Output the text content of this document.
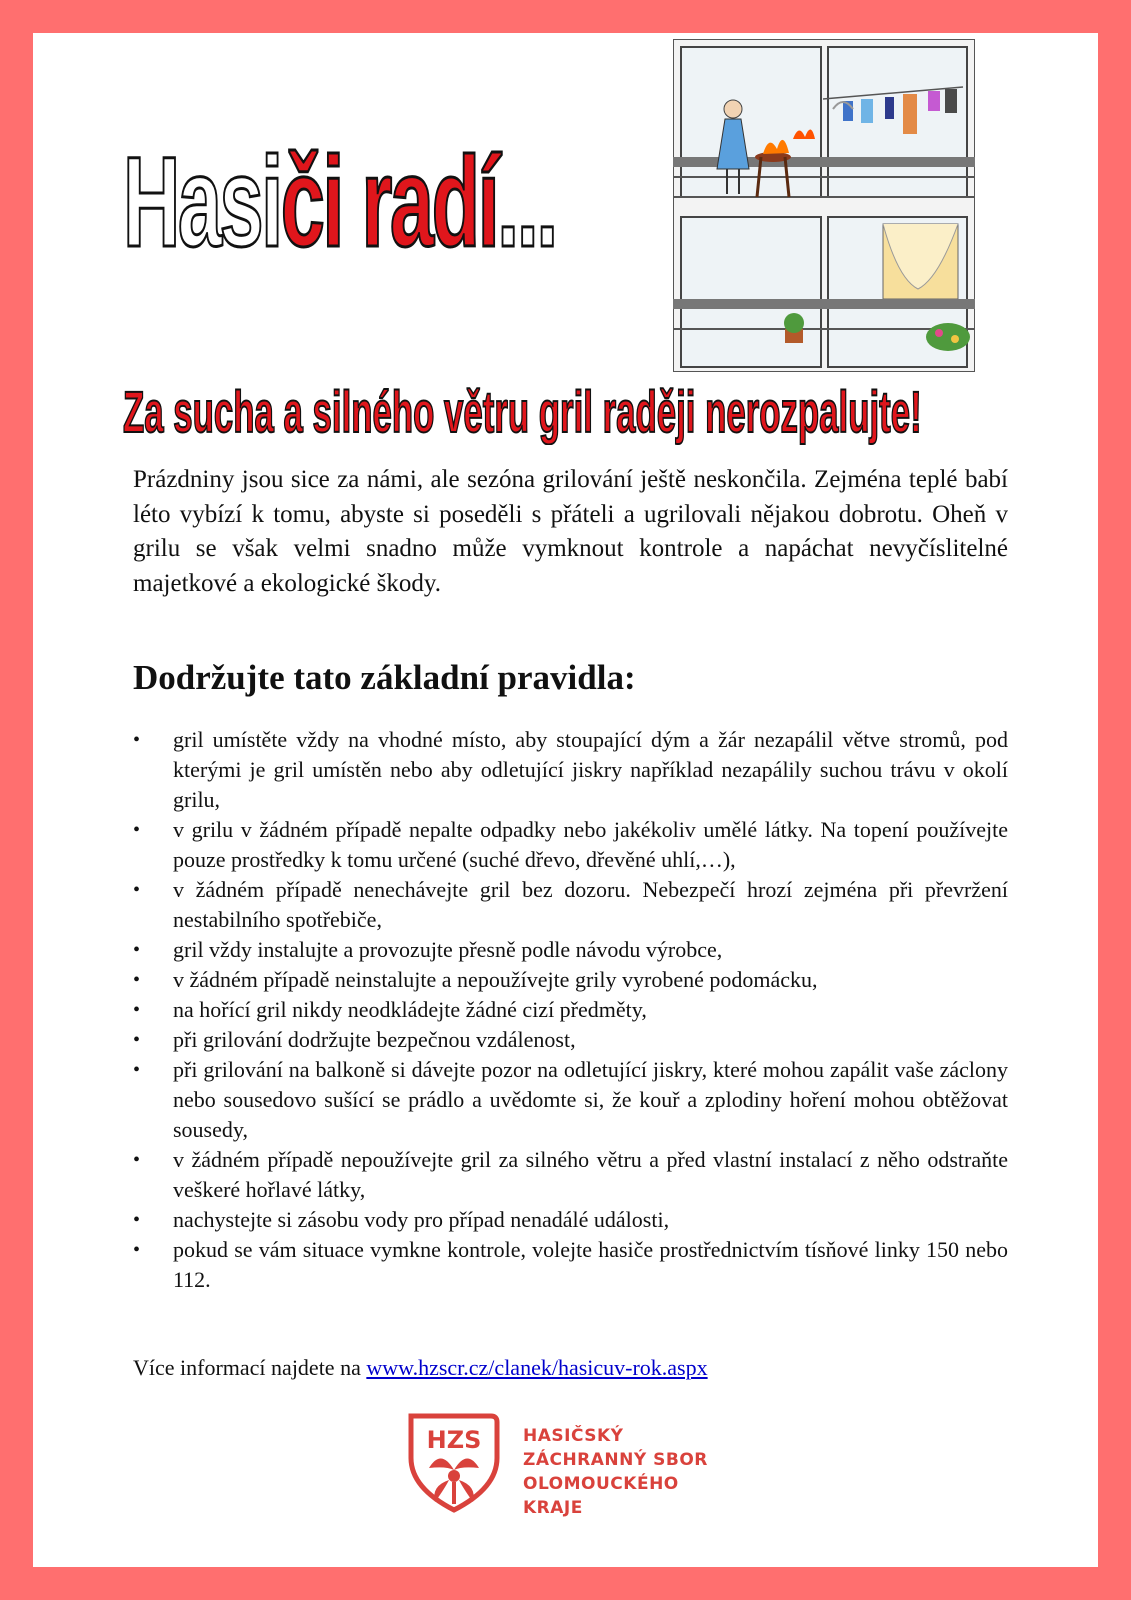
Hasiči radí...
Za sucha a silného větru gril raději nerozpalujte!

Prázdniny jsou sice za námi, ale sezóna grilování ještě neskončila. Zejména teplé babí léto vybízí k tomu, abyste si poseděli s přáteli a ugrilovali nějakou dobrotu. Oheň v grilu se však velmi snadno může vymknout kontrole a napáchat nevyčíslitelné majetkové a ekologické škody.

Dodržujte tato základní pravidla:
• gril umístěte vždy na vhodné místo, aby stoupající dým a žár nezapálil větve stromů, pod kterými je gril umístěn nebo aby odletující jiskry například nezapálily suchou trávu v okolí grilu,
• v grilu v žádném případě nepalte odpadky nebo jakékoliv umělé látky. Na topení používejte pouze prostředky k tomu určené (suché dřevo, dřevěné uhlí,…),
• v žádném případě nenechávejte gril bez dozoru. Nebezpečí hrozí zejména při převržení nestabilního spotřebiče,
• gril vždy instalujte a provozujte přesně podle návodu výrobce,
• v žádném případě neinstalujte a nepoužívejte grily vyrobené podomácku,
• na hořící gril nikdy neodkládejte žádné cizí předměty,
• při grilování dodržujte bezpečnou vzdálenost,
• při grilování na balkoně si dávejte pozor na odletující jiskry, které mohou zapálit vaše záclony nebo sousedovo sušící se prádlo a uvědomte si, že kouř a zplodiny hoření mohou obtěžovat sousedy,
• v žádném případě nepoužívejte gril za silného větru a před vlastní instalací z něho odstraňte veškeré hořlavé látky,
• nachystejte si zásobu vody pro případ nenadálé události,
• pokud se vám situace vymkne kontrole, volejte hasiče prostřednictvím tísňové linky 150 nebo 112.

Více informací najdete na www.hzscr.cz/clanek/hasicuv-rok.aspx

HZS HASIČSKÝ
ZÁCHRANNÝ SBOR
OLOMOUCKÉHO
KRAJE
